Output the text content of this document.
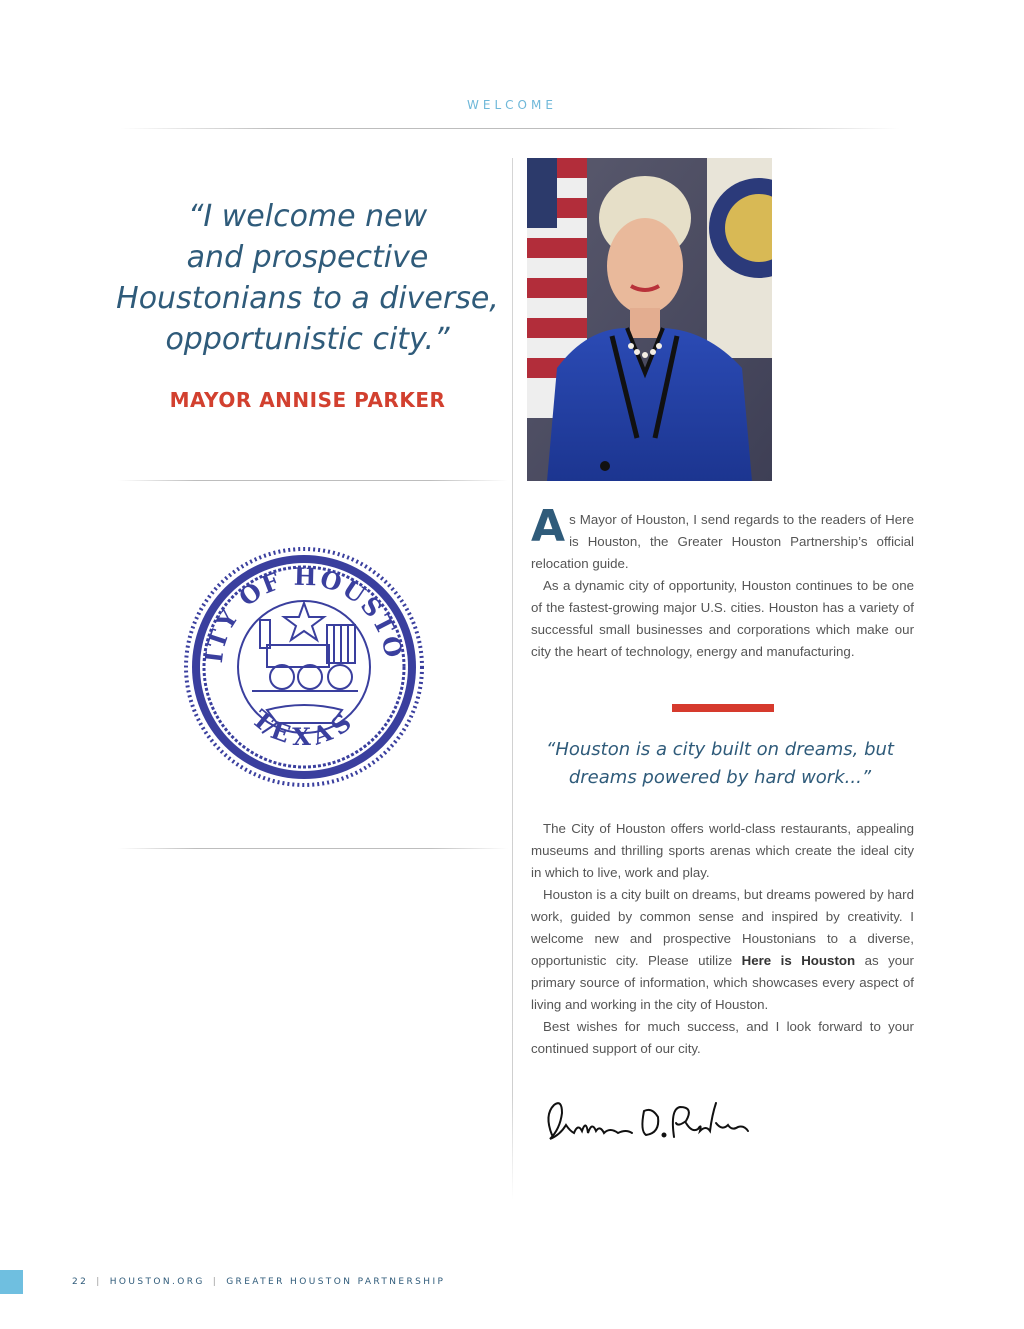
WELCOME
“I welcome new
and prospective
Houstonians to a diverse,
opportunistic city.”
MAYOR ANNISE PARKER
ITY OF HOUSTO
TEXAS

As Mayor of Houston, I send regards to the readers of Here is Houston, the Greater Houston Partnership’s official relocation guide.

As a dynamic city of opportunity, Houston continues to be one of the fastest-growing major U.S. cities. Houston has a variety of successful small businesses and corporations which make our city the heart of technology, energy and manufacturing.

“Houston is a city built on dreams, but
dreams powered by hard work...”

The City of Houston offers world-class restaurants, appealing museums and thrilling sports arenas which create the ideal city in which to live, work and play.

Houston is a city built on dreams, but dreams powered by hard work, guided by common sense and inspired by creativity. I welcome new and prospective Houstonians to a diverse, opportunistic city. Please utilize Here is Houston as your primary source of information, which showcases every aspect of living and working in the city of Houston.

Best wishes for much success, and I look forward to your continued support of our city.

22 | HOUSTON.ORG | GREATER HOUSTON PARTNERSHIP
